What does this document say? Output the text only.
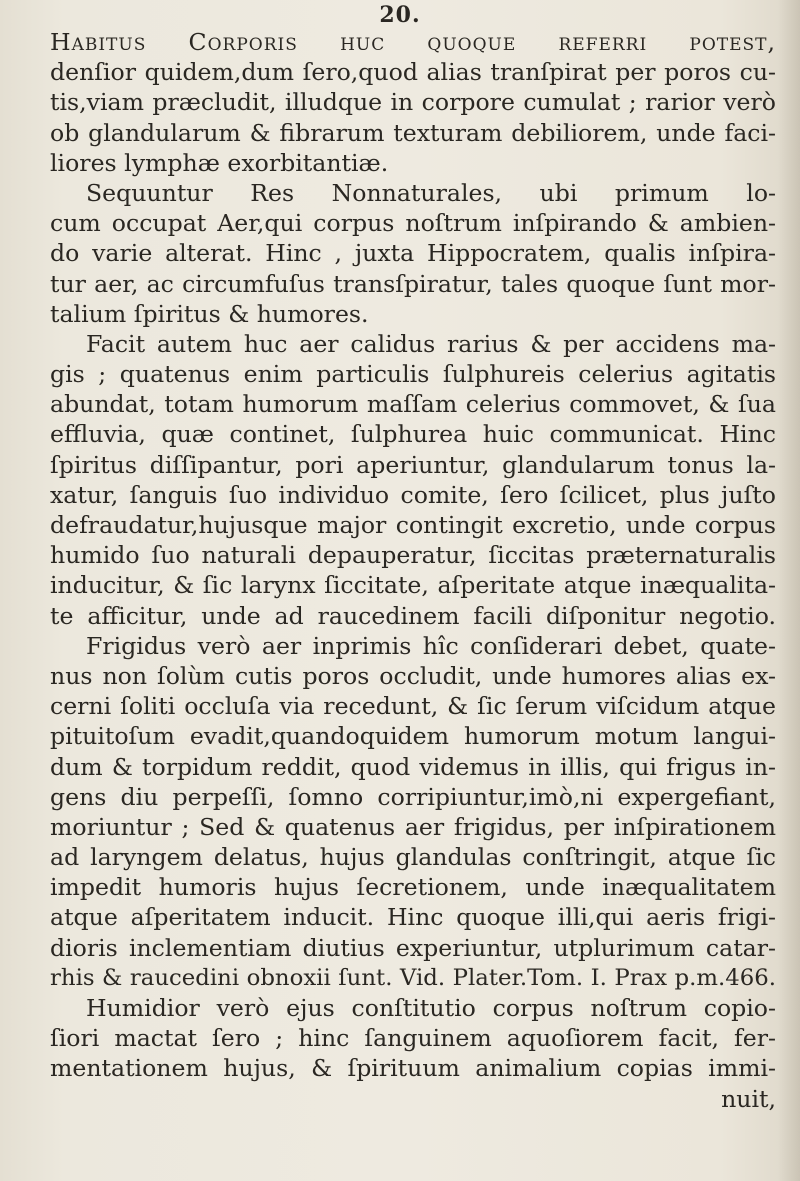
20.
Habitus Corporis huc quoque referri poteſt,
denſior quidem,dum ſero,quod alias tranſpirat per poros cu-
tis,viam præcludit, illudque in corpore cumulat ; rarior verò
ob glandularum & fibrarum texturam debiliorem, unde faci-
liores lymphæ exorbitantiæ.
Sequuntur Res Nonnaturales, ubi primum lo-
cum occupat Aer,qui corpus noſtrum inſpirando & ambien-
do varie alterat. Hinc , juxta Hippocratem, qualis inſpira-
tur aer, ac circumfuſus transſpiratur, tales quoque ſunt mor-
talium ſpiritus & humores.
Facit autem huc aer calidus rarius & per accidens ma-
gis ; quatenus enim particulis ſulphureis celerius agitatis
abundat, totam humorum maſſam celerius commovet, & ſua
effluvia, quæ continet, ſulphurea huic communicat. Hinc
ſpiritus diſſipantur, pori aperiuntur, glandularum tonus la-
xatur, ſanguis ſuo individuo comite, ſero ſcilicet, plus juſto
defraudatur,hujusque major contingit excretio, unde corpus
humido ſuo naturali depauperatur, ſiccitas præternaturalis
inducitur, & ſic larynx ſiccitate, aſperitate atque inæqualita-
te afficitur, unde ad raucedinem facili diſponitur negotio.
Frigidus verò aer inprimis hîc conſiderari debet, quate-
nus non ſolùm cutis poros occludit, unde humores alias ex-
cerni ſoliti occluſa via recedunt, & ſic ſerum viſcidum atque
pituitoſum evadit,quandoquidem humorum motum langui-
dum & torpidum reddit, quod videmus in illis, qui frigus in-
gens diu perpeſſi, ſomno corripiuntur,imò,ni expergefiant,
moriuntur ; Sed & quatenus aer frigidus, per inſpirationem
ad laryngem delatus, hujus glandulas conſtringit, atque ſic
impedit humoris hujus ſecretionem, unde inæqualitatem
atque aſperitatem inducit. Hinc quoque illi,qui aeris frigi-
dioris inclementiam diutius experiuntur, utplurimum catar-
rhis & raucedini obnoxii ſunt. Vid. Plater.Tom. I. Prax p.m.466.
Humidior verò ejus conſtitutio corpus noſtrum copio-
ſiori mactat ſero ; hinc ſanguinem aquoſiorem facit, fer-
mentationem hujus, & ſpirituum animalium copias immi-
nuit,
